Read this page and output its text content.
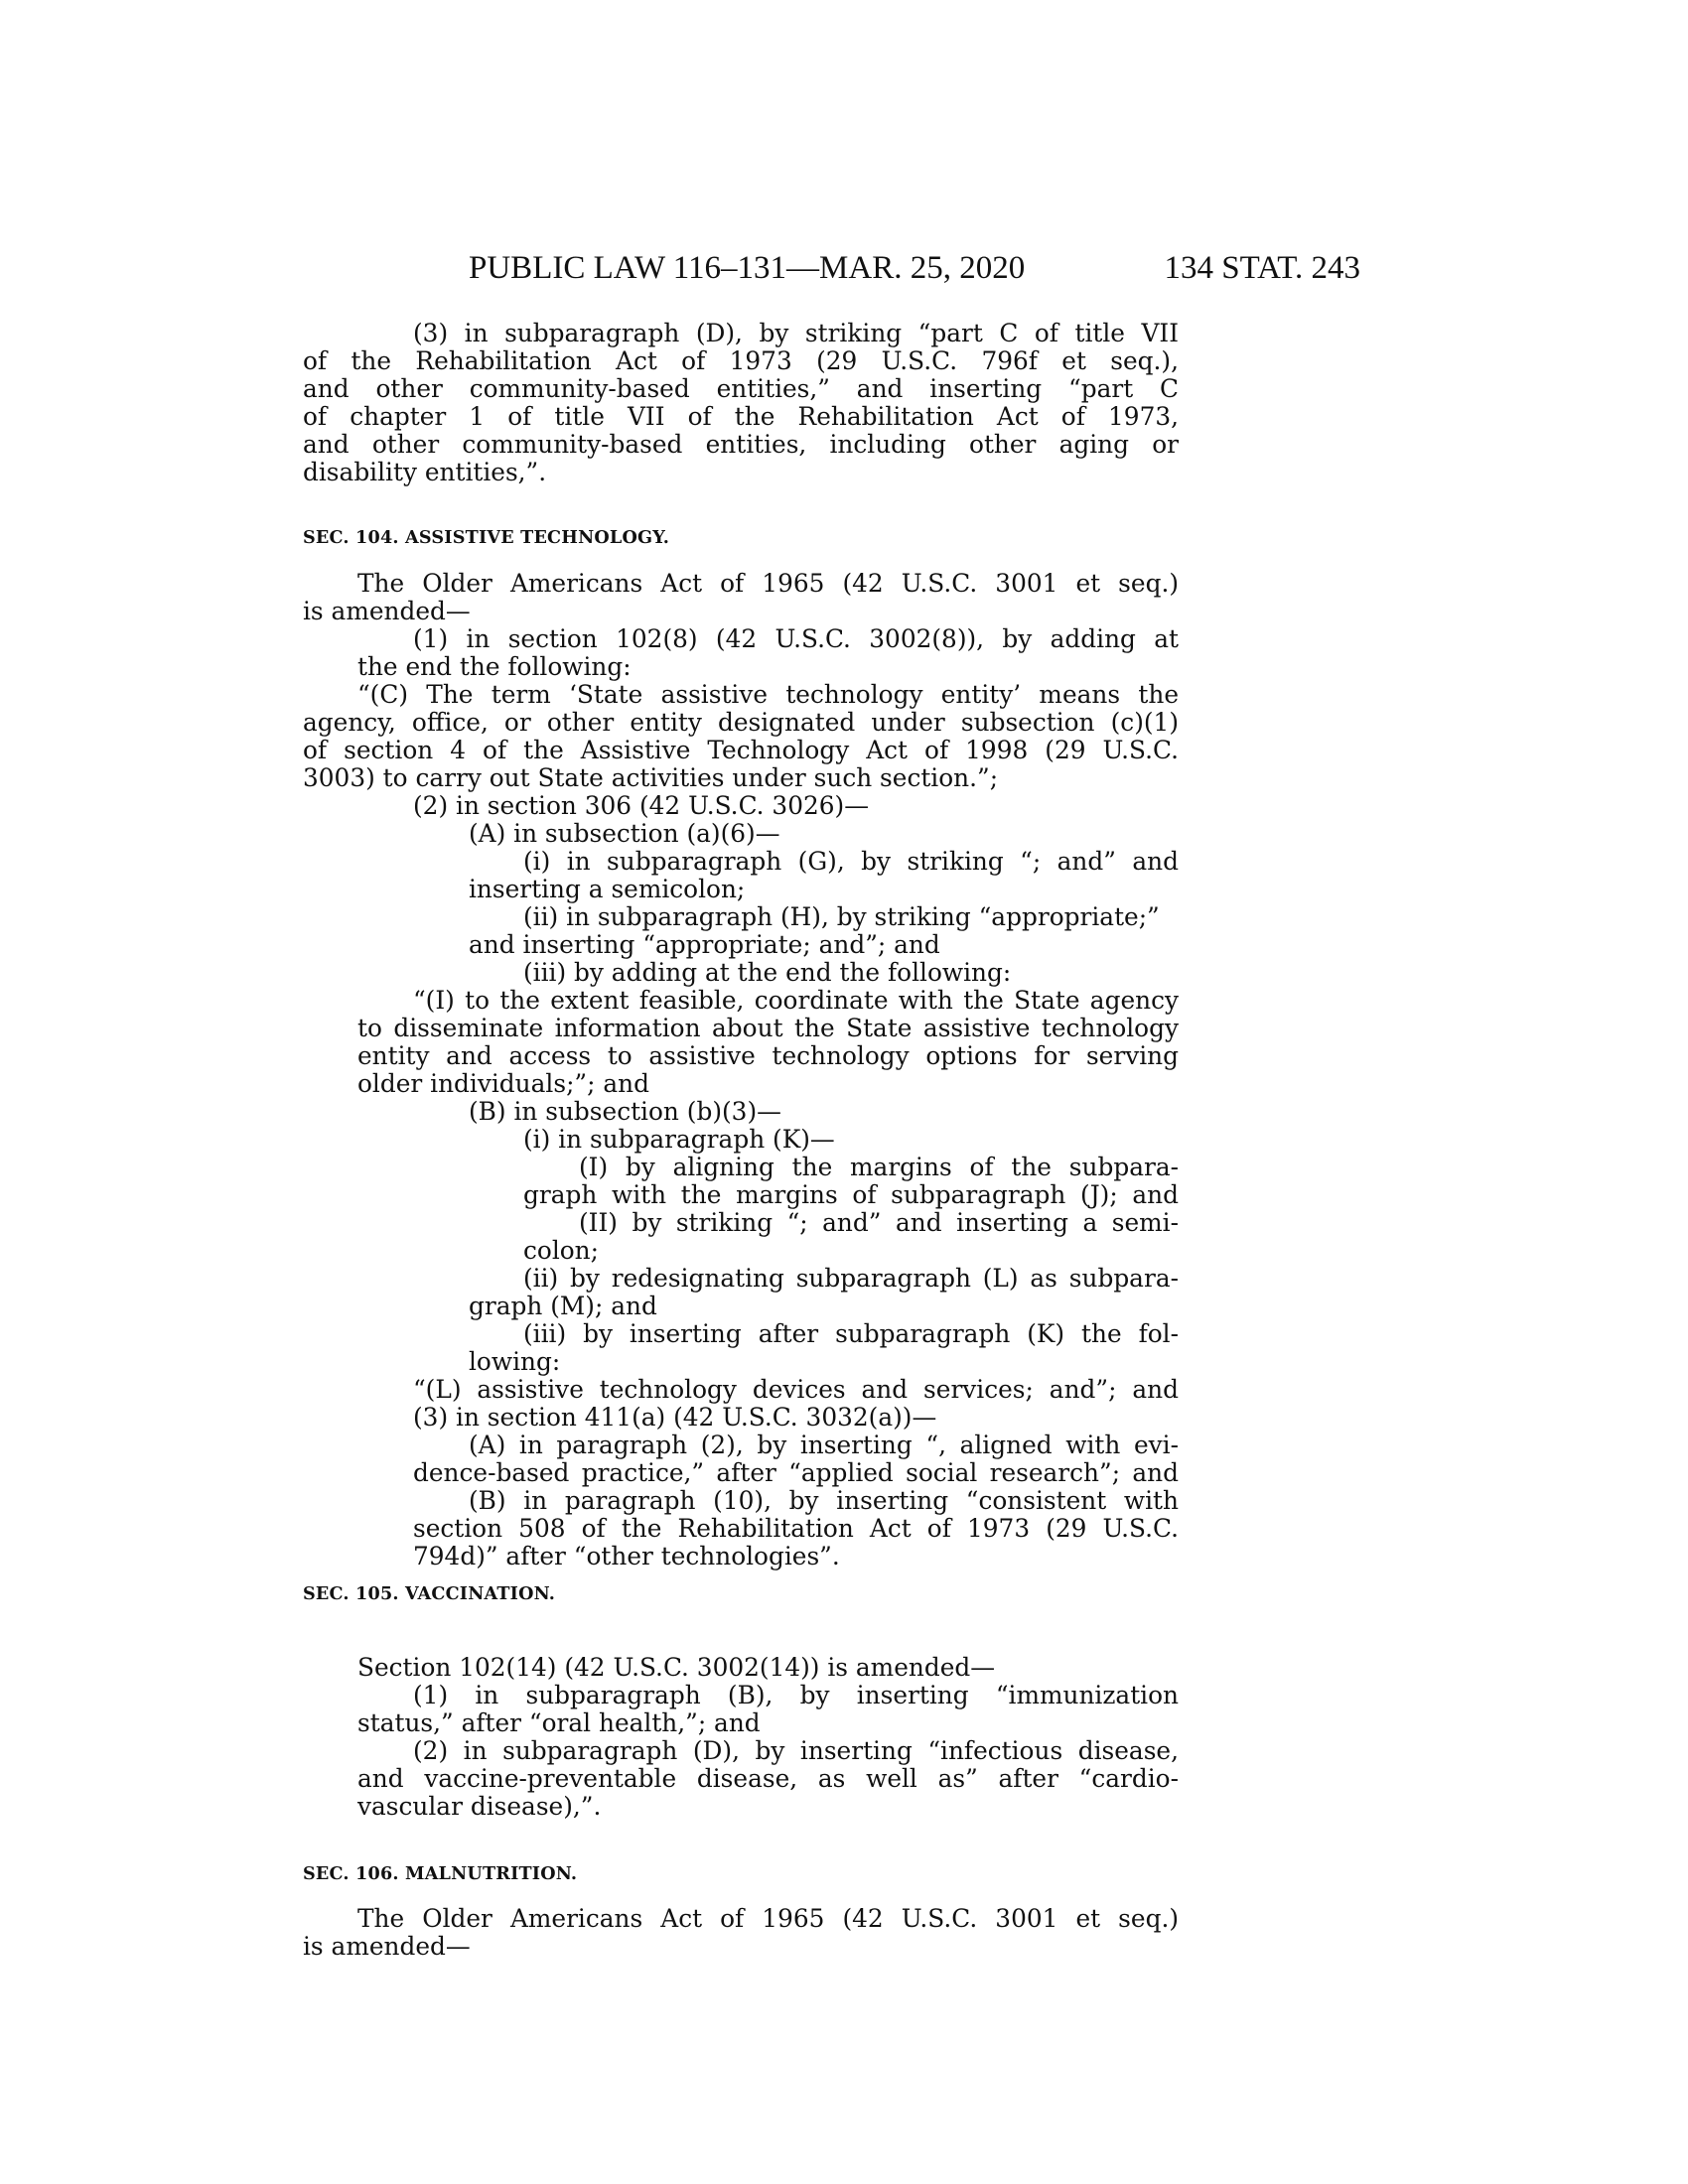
PUBLIC LAW 116–131—MAR. 25, 2020	134 STAT. 243
(3) in subparagraph (D), by striking “part C of title VII
of the Rehabilitation Act of 1973 (29 U.S.C. 796f et seq.),
and other community-based entities,” and inserting “part C
of chapter 1 of title VII of the Rehabilitation Act of 1973,
and other community-based entities, including other aging or
disability entities,”.
SEC. 104. ASSISTIVE TECHNOLOGY.
The Older Americans Act of 1965 (42 U.S.C. 3001 et seq.)
is amended—
(1) in section 102(8) (42 U.S.C. 3002(8)), by adding at
the end the following:
“(C) The term ‘State assistive technology entity’ means the
agency, office, or other entity designated under subsection (c)(1)
of section 4 of the Assistive Technology Act of 1998 (29 U.S.C.
3003) to carry out State activities under such section.”;
(2) in section 306 (42 U.S.C. 3026)—
(A) in subsection (a)(6)—
(i) in subparagraph (G), by striking “; and” and
inserting a semicolon;
(ii) in subparagraph (H), by striking “appropriate;”
and inserting “appropriate; and”; and
(iii) by adding at the end the following:
“(I) to the extent feasible, coordinate with the State agency
to disseminate information about the State assistive technology
entity and access to assistive technology options for serving
older individuals;”; and
(B) in subsection (b)(3)—
(i) in subparagraph (K)—
(I) by aligning the margins of the subpara-
graph with the margins of subparagraph (J); and
(II) by striking “; and” and inserting a semi-
colon;
(ii) by redesignating subparagraph (L) as subpara-
graph (M); and
(iii) by inserting after subparagraph (K) the fol-
lowing:
“(L) assistive technology devices and services; and”; and
(3) in section 411(a) (42 U.S.C. 3032(a))—
(A) in paragraph (2), by inserting “, aligned with evi-
dence-based practice,” after “applied social research”; and
(B) in paragraph (10), by inserting “consistent with
section 508 of the Rehabilitation Act of 1973 (29 U.S.C.
794d)” after “other technologies”.
SEC. 105. VACCINATION.
Section 102(14) (42 U.S.C. 3002(14)) is amended—
(1) in subparagraph (B), by inserting “immunization
status,” after “oral health,”; and
(2) in subparagraph (D), by inserting “infectious disease,
and vaccine-preventable disease, as well as” after “cardio-
vascular disease),”.
SEC. 106. MALNUTRITION.
The Older Americans Act of 1965 (42 U.S.C. 3001 et seq.)
is amended—
